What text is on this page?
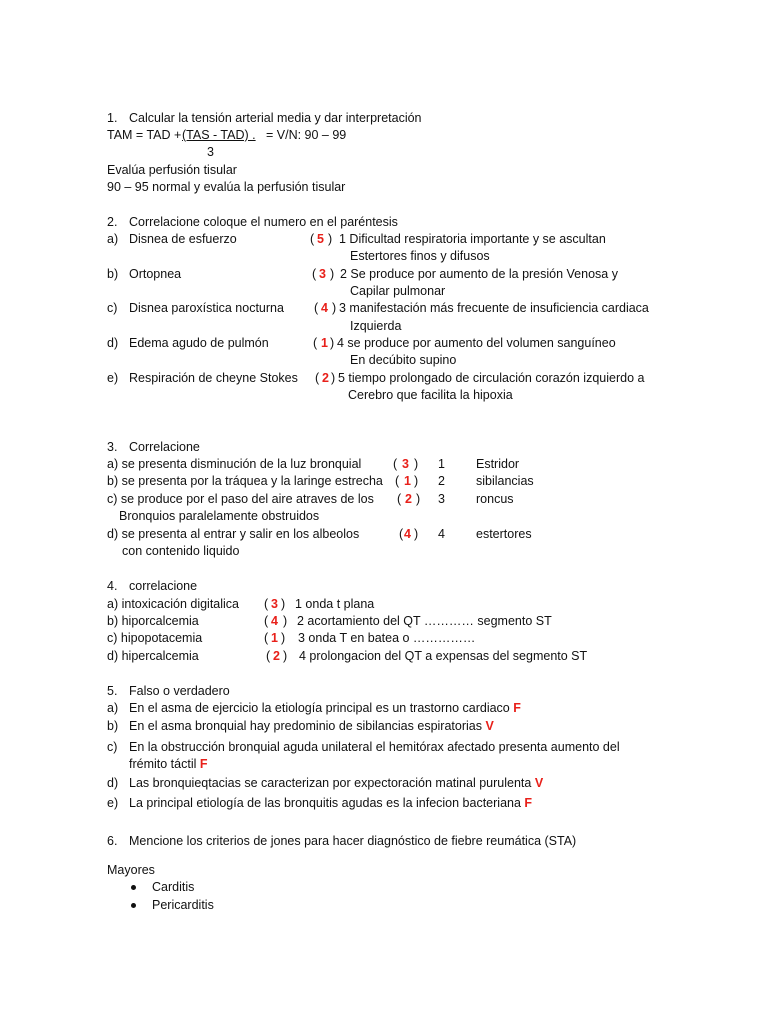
1. Calcular la tensión arterial media y dar interpretación
TAM = TAD + (TAS - TAD) . = V/N: 90 – 99
3
Evalúa perfusión tisular
90 – 95 normal y evalúa la perfusión tisular
2. Correlacione coloque el numero en el paréntesis
a) Disnea de esfuerzo	( 5 ) 1 Dificultad respiratoria importante y se ascultan
Estertores finos y difusos
b) Ortopnea	( 3 ) 2 Se produce por aumento de la presión Venosa y
Capilar pulmonar
c) Disnea paroxística nocturna ( 4 ) 3 manifestación más frecuente de insuficiencia cardiaca
Izquierda
d) Edema agudo de pulmón	( 1 ) 4 se produce por aumento del volumen sanguíneo
En decúbito supino
e) Respiración de cheyne Stokes ( 2 ) 5 tiempo prolongado de circulación corazón izquierdo a
Cerebro que facilita la hipoxia
3. Correlacione
a) se presenta disminución de la luz bronquial	( 3 ) 1 Estridor
b) se presenta por la tráquea y la laringe estrecha ( 1 ) 2 sibilancias
c) se produce por el paso del aire atraves de los ( 2 ) 3 roncus
Bronquios paralelamente obstruidos
d) se presenta al entrar y salir en los albeolos	( 4 ) 4 estertores
con contenido liquido
4. correlacione
a) intoxicación digitalica ( 3 ) 1 onda t plana
b) hiporcalcemia	( 4 ) 2 acortamiento del QT ………… segmento ST
c) hipopotacemia	( 1 ) 3 onda T en batea o ……………
d) hipercalcemia	( 2 ) 4 prolongacion del QT a expensas del segmento ST
5. Falso o verdadero
a) En el asma de ejercicio la etiología principal es un trastorno cardiaco F
b) En el asma bronquial hay predominio de sibilancias espiratorias V
c) En la obstrucción bronquial aguda unilateral el hemitórax afectado presenta aumento del
frémito táctil F
d) Las bronquieqtacias se caracterizan por expectoración matinal purulenta V
e) La principal etiología de las bronquitis agudas es la infecion bacteriana F
6. Mencione los criterios de jones para hacer diagnóstico de fiebre reumática (STA)
Mayores
Carditis
Pericarditis
